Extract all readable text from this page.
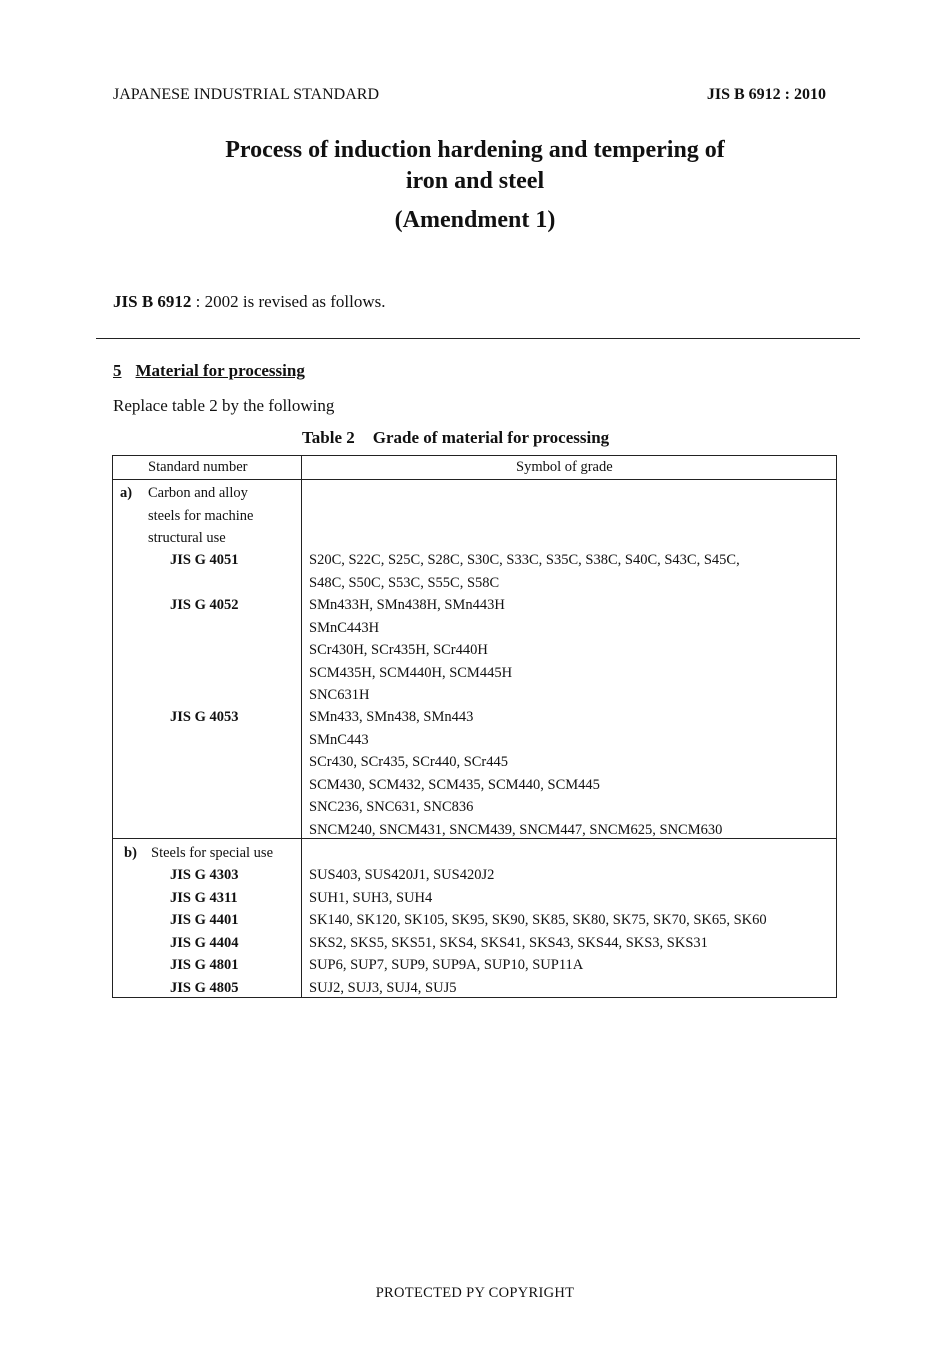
JAPANESE INDUSTRIAL STANDARD	JIS B 6912 : 2010
Process of induction hardening and tempering of
iron and steel
(Amendment 1)
JIS B 6912 : 2002 is revised as follows.
5 Material for processing
Replace table 2 by the following
Table 2 Grade of material for processing
Standard number	Symbol of grade
a) Carbon and alloy
steels for machine
structural use
JIS G 4051	S20C, S22C, S25C, S28C, S30C, S33C, S35C, S38C, S40C, S43C, S45C,
S48C, S50C, S53C, S55C, S58C
JIS G 4052	SMn433H, SMn438H, SMn443H
SMnC443H
SCr430H, SCr435H, SCr440H
SCM435H, SCM440H, SCM445H
SNC631H
JIS G 4053	SMn433, SMn438, SMn443
SMnC443
SCr430, SCr435, SCr440, SCr445
SCM430, SCM432, SCM435, SCM440, SCM445
SNC236, SNC631, SNC836
SNCM240, SNCM431, SNCM439, SNCM447, SNCM625, SNCM630
b) Steels for special use
JIS G 4303	SUS403, SUS420J1, SUS420J2
JIS G 4311	SUH1, SUH3, SUH4
JIS G 4401	SK140, SK120, SK105, SK95, SK90, SK85, SK80, SK75, SK70, SK65, SK60
JIS G 4404	SKS2, SKS5, SKS51, SKS4, SKS41, SKS43, SKS44, SKS3, SKS31
JIS G 4801	SUP6, SUP7, SUP9, SUP9A, SUP10, SUP11A
JIS G 4805	SUJ2, SUJ3, SUJ4, SUJ5
PROTECTED PY COPYRIGHT
